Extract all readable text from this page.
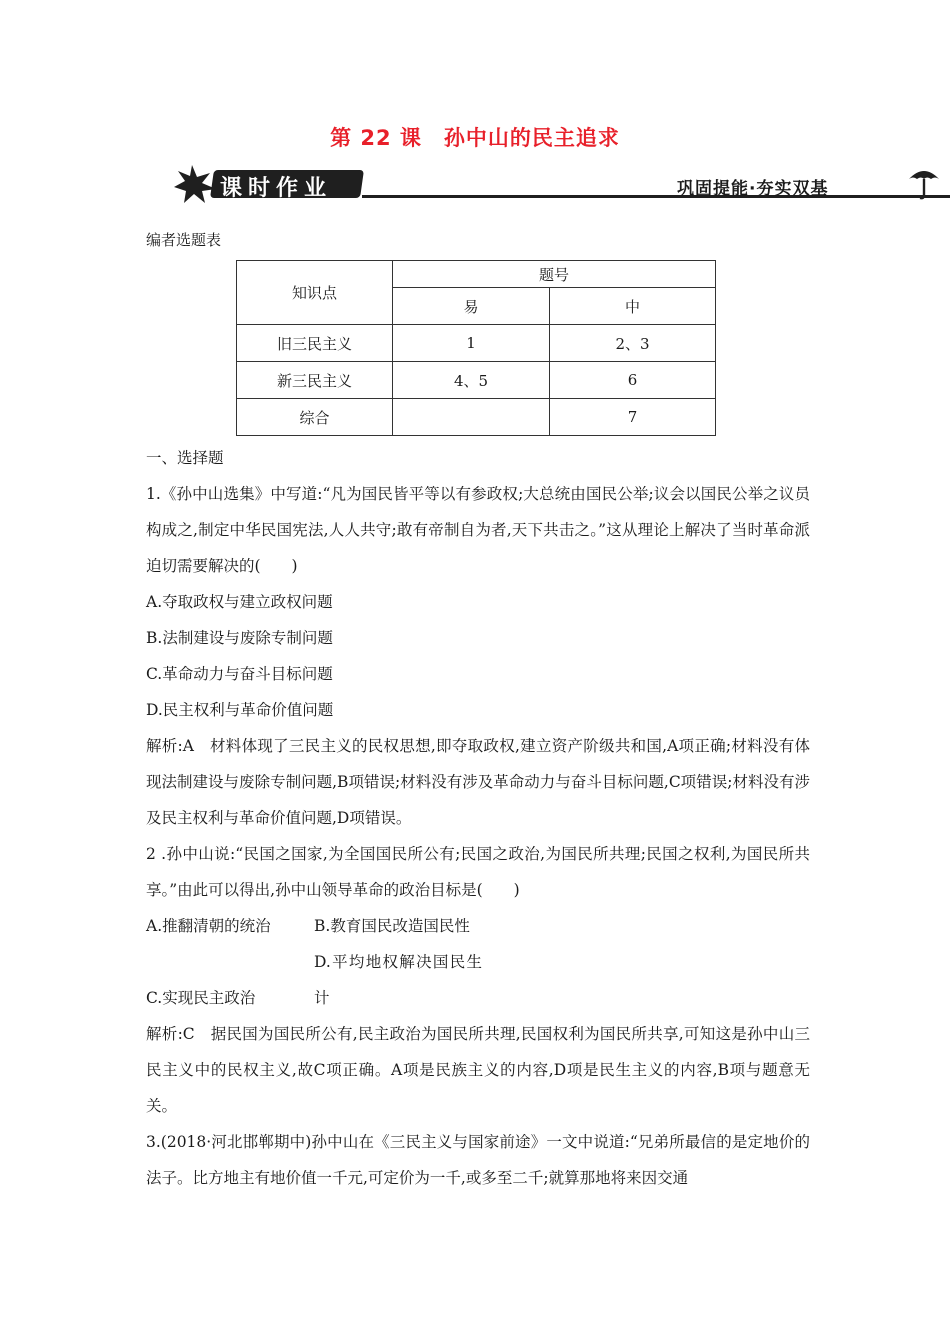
第 22 课　孙中山的民主追求
课时作业	巩固提能·夯实双基
编者选题表
知识点	题号	
	易	中
旧三民主义	1	2、3
新三民主义	4、5	6
综合		7

一、选择题

1.《孙中山选集》中写道:“凡为国民皆平等以有参政权;大总统由国民公举;议会以国民公举之议员构成之,制定中华民国宪法,人人共守;敢有帝制自为者,天下共击之。”这从理论上解决了当时革命派迫切需要解决的(　　)

A.夺取政权与建立政权问题

B.法制建设与废除专制问题

C.革命动力与奋斗目标问题

D.民主权利与革命价值问题

解析:A　材料体现了三民主义的民权思想,即夺取政权,建立资产阶级共和国,A项正确;材料没有体现法制建设与废除专制问题,B项错误;材料没有涉及革命动力与奋斗目标问题,C项错误;材料没有涉及民主权利与革命价值问题,D项错误。

2 .孙中山说:“民国之国家,为全国国民所公有;民国之政治,为国民所共理;民国之权利,为国民所共享。”由此可以得出,孙中山领导革命的政治目标是(　　)

A.推翻清朝的统治	B.教育国民改造国民性

C.实现民主政治D.平均地权解决国民生计

解析:C　据民国为国民所公有,民主政治为国民所共理,民国权利为国民所共享,可知这是孙中山三民主义中的民权主义,故C项正确。A项是民族主义的内容,D项是民生主义的内容,B项与题意无关。

3.(2018·河北邯郸期中)孙中山在《三民主义与国家前途》一文中说道:“兄弟所最信的是定地价的法子。比方地主有地价值一千元,可定价为一千,或多至二千;就算那地将来因交通
